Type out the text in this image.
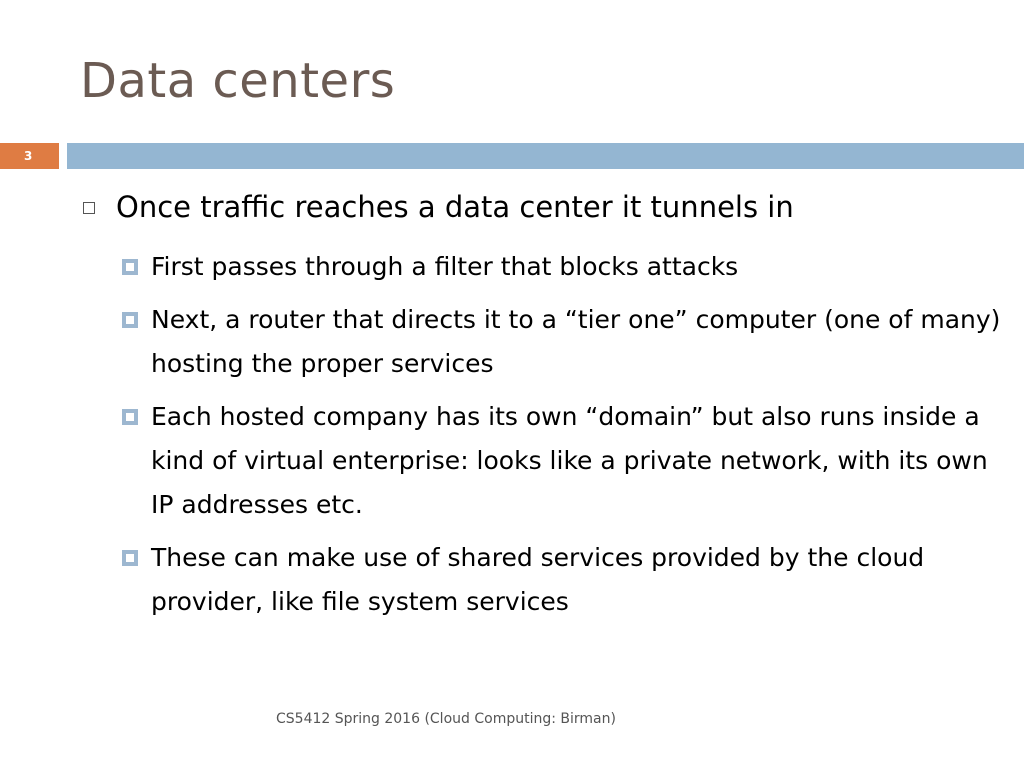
Data centers
3
Once traffic reaches a data center it tunnels in
First passes through a filter that blocks attacks
Next, a router that directs it to a “tier one” computer (one of many) hosting the proper services
Each hosted company has its own “domain” but also runs inside a kind of virtual enterprise: looks like a private network, with its own IP addresses etc.
These can make use of shared services provided by the cloud provider, like file system services
CS5412 Spring 2016 (Cloud Computing: Birman)
